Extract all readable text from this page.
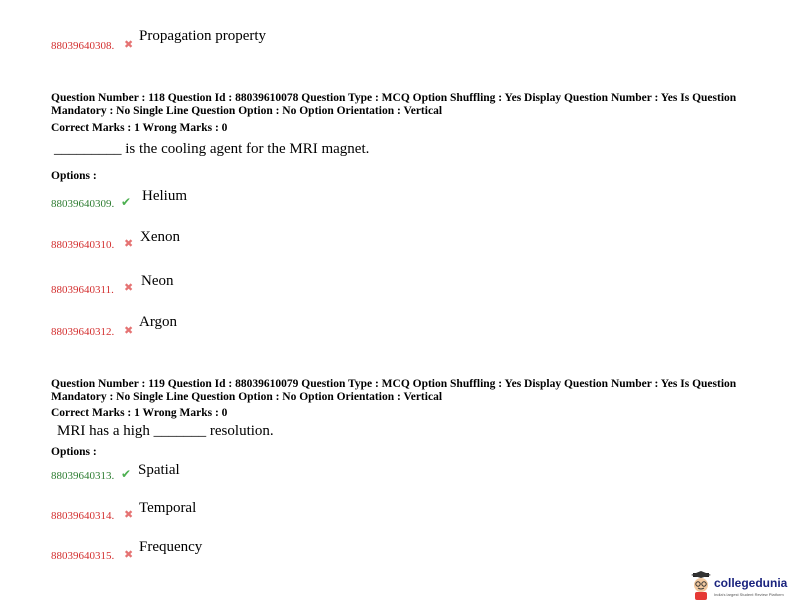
88039640308. ✖
Propagation property
Question Number : 118 Question Id : 88039610078 Question Type : MCQ Option Shuffling : Yes Display Question Number : Yes Is Question Mandatory : No Single Line Question Option : No Option Orientation : Vertical
Correct Marks : 1 Wrong Marks : 0
_________ is the cooling agent for the MRI magnet.
Options :
88039640309. ✔ Helium
88039640310. ✖ Xenon
88039640311. ✖ Neon
88039640312. ✖
Argon
Question Number : 119 Question Id : 88039610079 Question Type : MCQ Option Shuffling : Yes Display Question Number : Yes Is Question Mandatory : No Single Line Question Option : No Option Orientation : Vertical
Correct Marks : 1 Wrong Marks : 0
MRI has a high _______ resolution.
Options :
88039640313. ✔ Spatial
88039640314. ✖ Temporal
88039640315. ✖ Frequency
collegedunia
India's largest Student Review Platform
